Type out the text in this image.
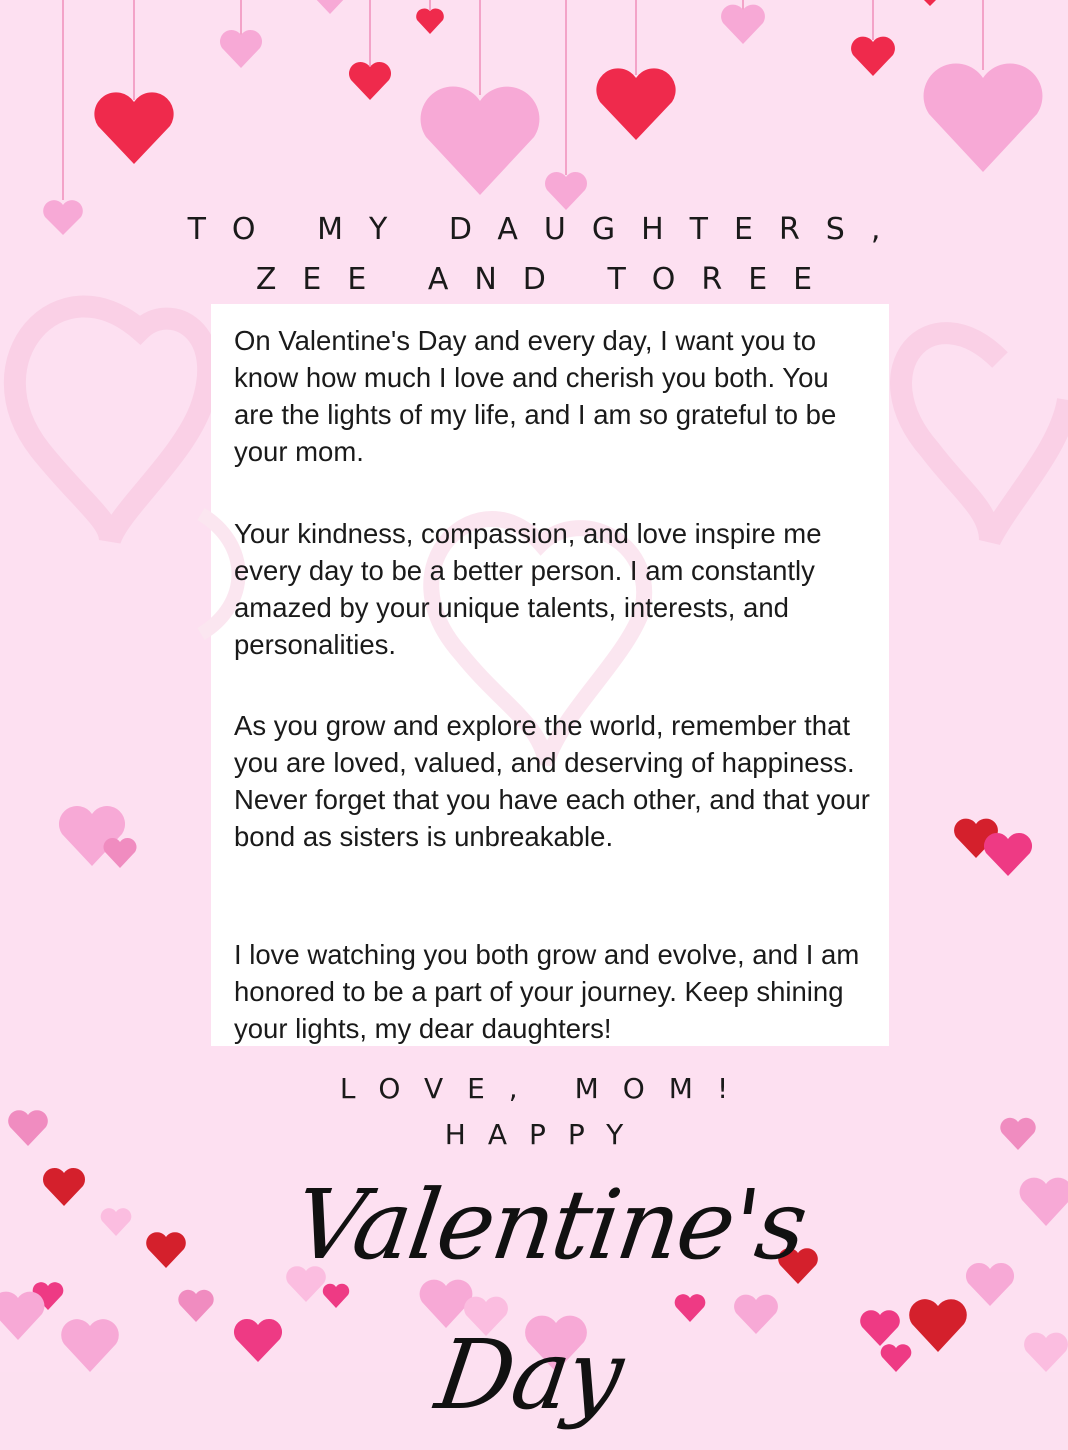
TO MY DAUGHTERS,
ZEE AND TOREE

On Valentine's Day and every day, I want you to know how much I love and cherish you both. You are the lights of my life, and I am so grateful to be your mom.

Your kindness, compassion, and love inspire me every day to be a better person. I am constantly amazed by your unique talents, interests, and personalities.

As you grow and explore the world, remember that you are loved, valued, and deserving of happiness. Never forget that you have each other, and that your bond as sisters is unbreakable.

I love watching you both grow and evolve, and I am honored to be a part of your journey. Keep shining your lights, my dear daughters!

LOVE, MOM!
HAPPY
Valentine's Day
